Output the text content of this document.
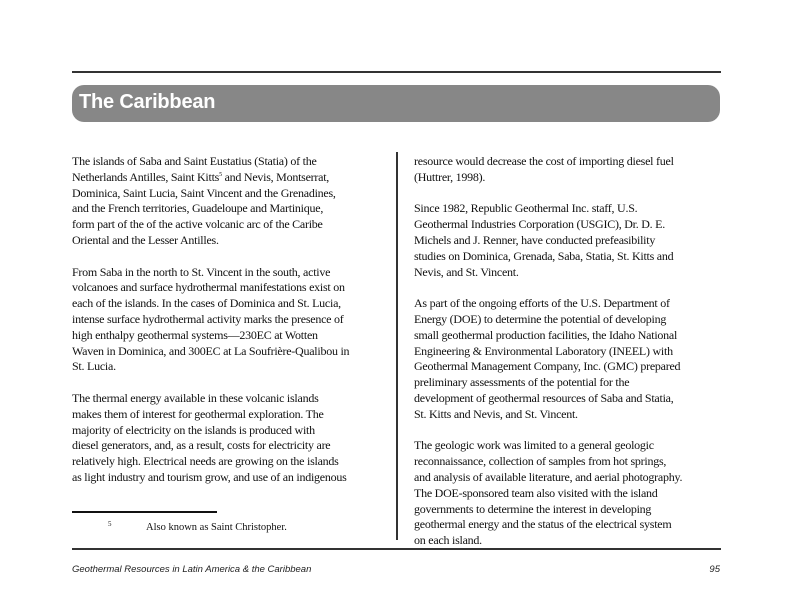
The Caribbean

The islands of Saba and Saint Eustatius (Statia) of the
Netherlands Antilles, Saint Kitts$^5$ and Nevis, Montserrat,

Dominica, Saint Lucia, Saint Vincent and the Grenadines,
and the French territories, Guadeloupe and Martinique,
form part of the of the active volcanic arc of the Caribe
Oriental and the Lesser Antilles.

From Saba in the north to St. Vincent in the south, active
volcanoes and surface hydrothermal manifestations exist on
each of the islands. In the cases of Dominica and St. Lucia,
intense surface hydrothermal activity marks the presence of
high enthalpy geothermal systems—230EC at Wotten
Waven in Dominica, and 300EC at La Soufrière-Qualibou in
St. Lucia.

The thermal energy available in these volcanic islands
makes them of interest for geothermal exploration. The
majority of electricity on the islands is produced with
diesel generators, and, as a result, costs for electricity are
relatively high. Electrical needs are growing on the islands
as light industry and tourism grow, and use of an indigenous

resource would decrease the cost of importing diesel fuel
(Huttrer, 1998).

Since 1982, Republic Geothermal Inc. staff, U.S.
Geothermal Industries Corporation (USGIC), Dr. D. E.
Michels and J. Renner, have conducted prefeasibility
studies on Dominica, Grenada, Saba, Statia, St. Kitts and
Nevis, and St. Vincent.

As part of the ongoing efforts of the U.S. Department of
Energy (DOE) to determine the potential of developing
small geothermal production facilities, the Idaho National
Engineering & Environmental Laboratory (INEEL) with
Geothermal Management Company, Inc. (GMC) prepared
preliminary assessments of the potential for the
development of geothermal resources of Saba and Statia,
St. Kitts and Nevis, and St. Vincent.

The geologic work was limited to a general geologic
reconnaissance, collection of samples from hot springs,
and analysis of available literature, and aerial photography.
The DOE-sponsored team also visited with the island
governments to determine the interest in developing
geothermal energy and the status of the electrical system
on each island.

5	Also known as Saint Christopher.
Geothermal Resources in Latin America & the Caribbean	95
